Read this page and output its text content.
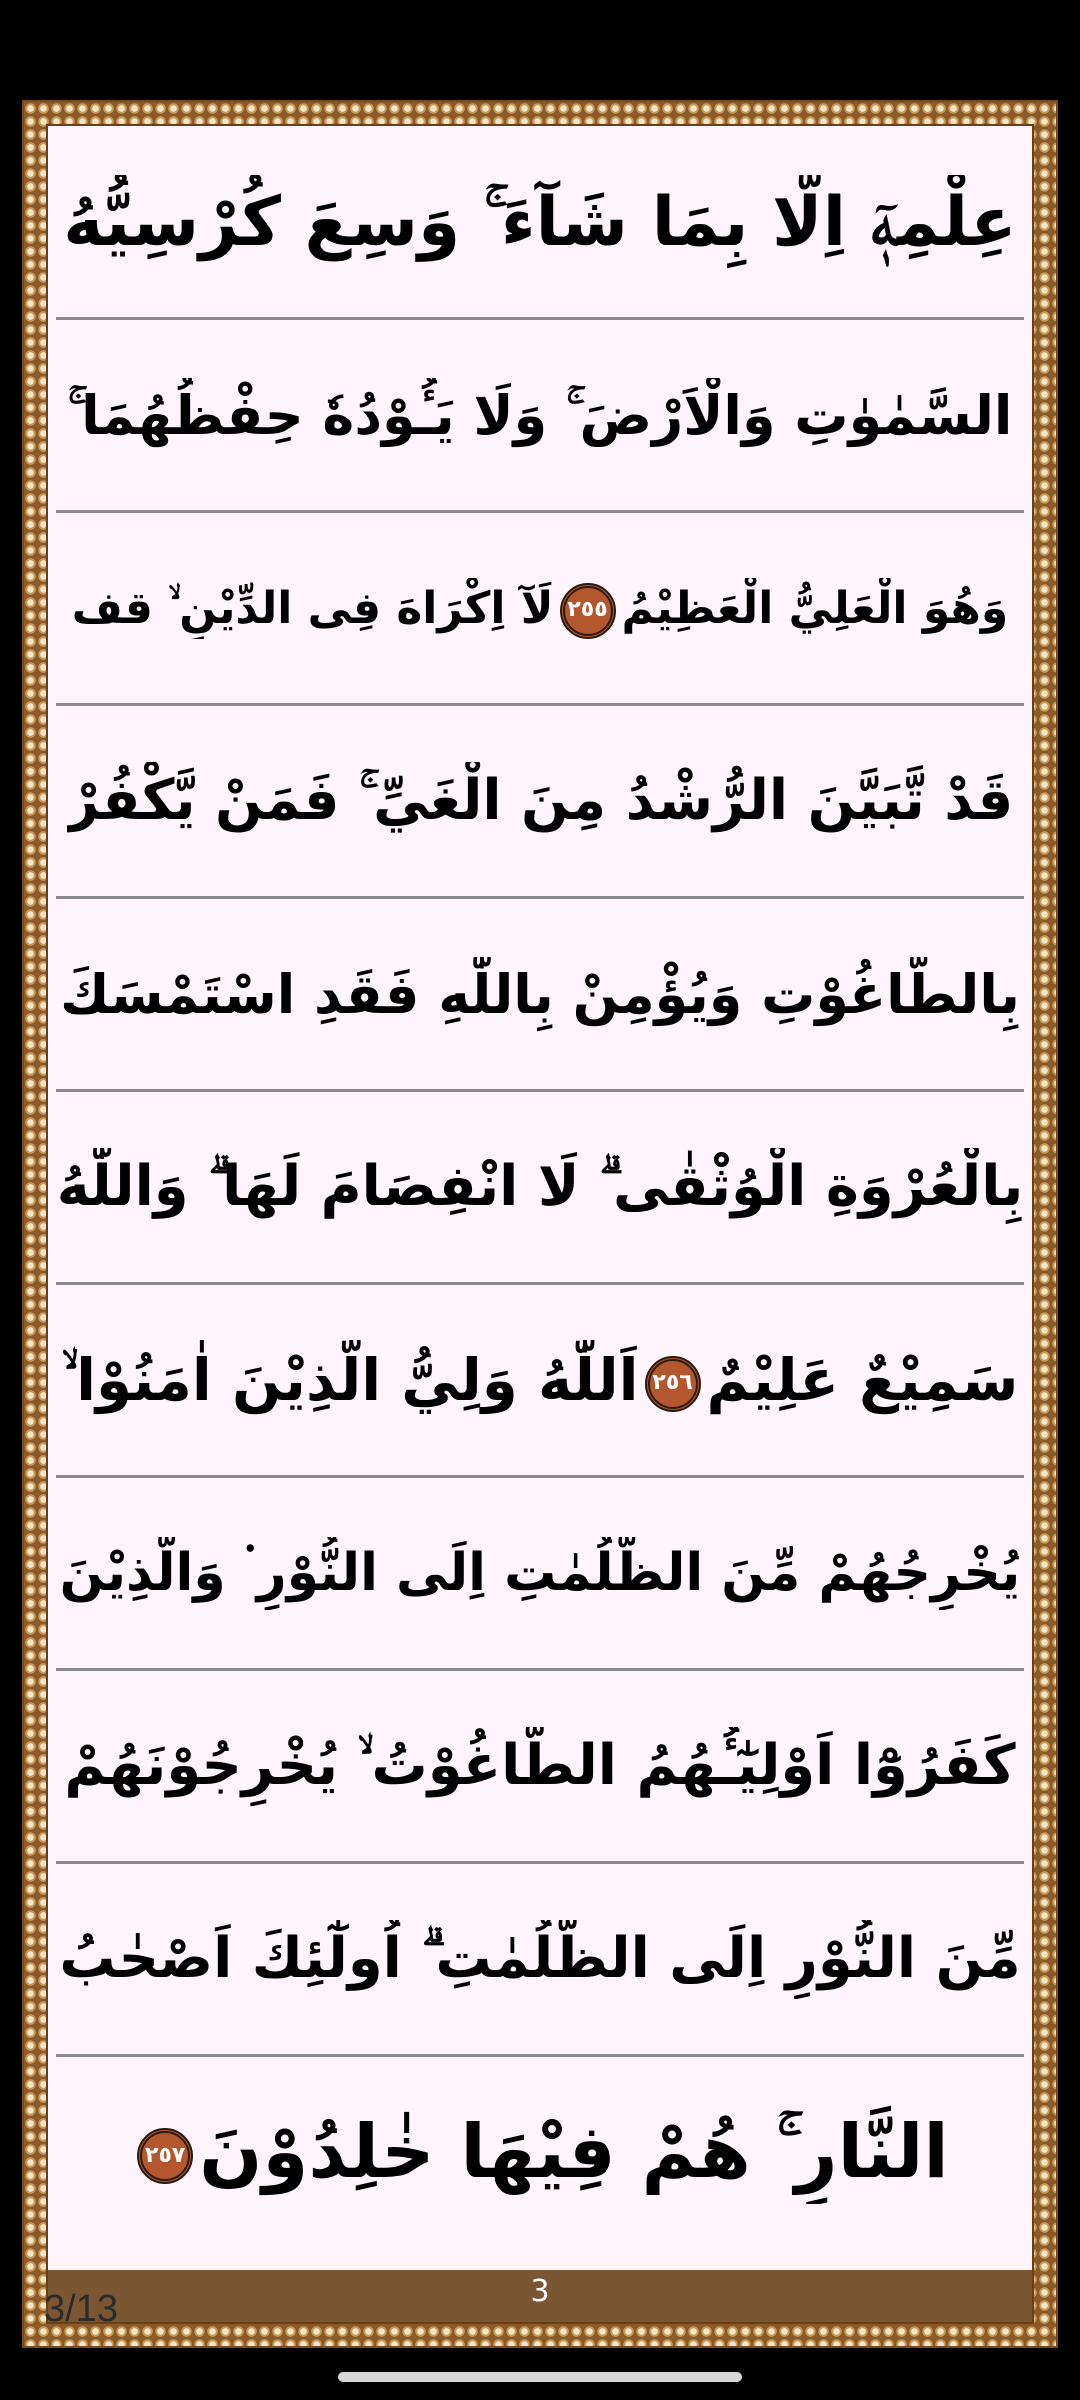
عِلْمِهٖٓ اِلَّا بِمَا شَآءَ ۚ وَسِعَ كُرْسِيُّهُ
السَّمٰوٰتِ وَالْاَرْضَ ۚ وَلَا يَـُٔوْدُهٗ حِفْظُهُمَا ۚ
وَهُوَ الْعَلِيُّ الْعَظِيْمُ٢٥٥لَآ اِكْرَاهَ فِى الدِّيْنِ ۙ قف
قَدْ تَّبَيَّنَ الرُّشْدُ مِنَ الْغَيِّ ۚ فَمَنْ يَّكْفُرْ
بِالطَّاغُوْتِ وَيُؤْمِنْ بِاللّٰهِ فَقَدِ اسْتَمْسَكَ
بِالْعُرْوَةِ الْوُثْقٰى ۗ لَا انْفِصَامَ لَهَا ۗ وَاللّٰهُ
سَمِيْعٌ عَلِيْمٌ٢٥٦اَللّٰهُ وَلِيُّ الَّذِيْنَ اٰمَنُوْا ۙ
يُخْرِجُهُمْ مِّنَ الظُّلُمٰتِ اِلَى النُّوْرِ ۬ وَالَّذِيْنَ
كَفَرُوْٓا اَوْلِيٰٓـُٔهُمُ الطَّاغُوْتُ ۙ يُخْرِجُوْنَهُمْ
مِّنَ النُّوْرِ اِلَى الظُّلُمٰتِ ۗ اُولٰٓئِكَ اَصْحٰبُ
النَّارِ ۚ هُمْ فِيْهَا خٰلِدُوْنَ٢٥٧
3
3/13
